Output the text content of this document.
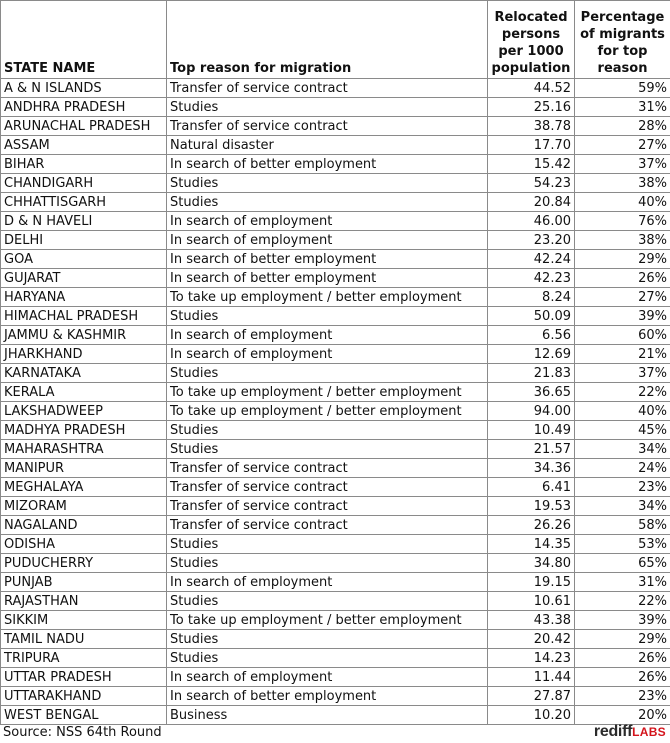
STATE NAME	Top reason for migration	Relocated
persons
per 1000
population	Percentage
of migrants
for top
reason
A & N ISLANDS	Transfer of service contract	44.52	59%
ANDHRA PRADESH	Studies	25.16	31%
ARUNACHAL PRADESH	Transfer of service contract	38.78	28%
ASSAM	Natural disaster	17.70	27%
BIHAR	In search of better employment	15.42	37%
CHANDIGARH	Studies	54.23	38%
CHHATTISGARH	Studies	20.84	40%
D & N HAVELI	In search of employment	46.00	76%
DELHI	In search of employment	23.20	38%
GOA	In search of better employment	42.24	29%
GUJARAT	In search of better employment	42.23	26%
HARYANA	To take up employment / better employment	8.24	27%
HIMACHAL PRADESH	Studies	50.09	39%
JAMMU & KASHMIR	In search of employment	6.56	60%
JHARKHAND	In search of employment	12.69	21%
KARNATAKA	Studies	21.83	37%
KERALA	To take up employment / better employment	36.65	22%
LAKSHADWEEP	To take up employment / better employment	94.00	40%
MADHYA PRADESH	Studies	10.49	45%
MAHARASHTRA	Studies	21.57	34%
MANIPUR	Transfer of service contract	34.36	24%
MEGHALAYA	Transfer of service contract	6.41	23%
MIZORAM	Transfer of service contract	19.53	34%
NAGALAND	Transfer of service contract	26.26	58%
ODISHA	Studies	14.35	53%
PUDUCHERRY	Studies	34.80	65%
PUNJAB	In search of employment	19.15	31%
RAJASTHAN	Studies	10.61	22%
SIKKIM	To take up employment / better employment	43.38	39%
TAMIL NADU	Studies	20.42	29%
TRIPURA	Studies	14.23	26%
UTTAR PRADESH	In search of employment	11.44	26%
UTTARAKHAND	In search of better employment	27.87	23%
WEST BENGAL	Business	10.20	20%
Source: NSS 64th Round	rediffLABS
